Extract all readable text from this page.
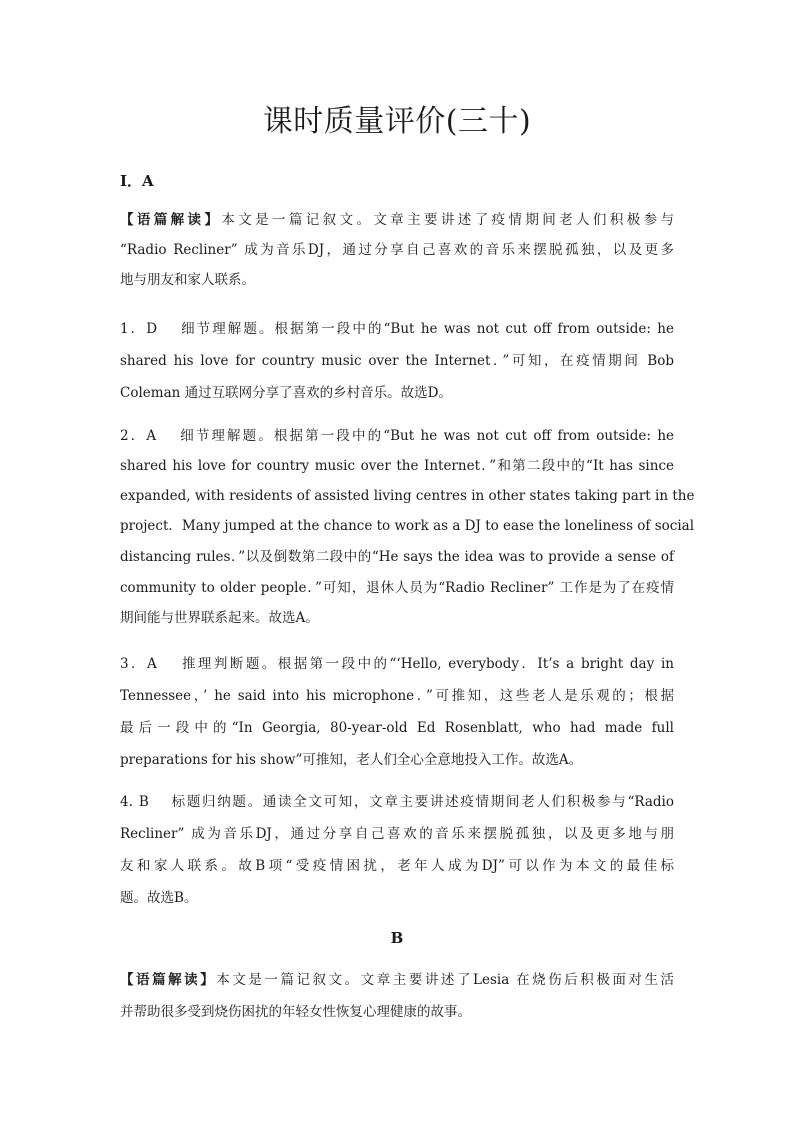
课时质量评价(三十)
Ⅰ．A
【语篇解读】本文是一篇记叙文。文章主要讲述了疫情期间老人们积极参与
“Radio Recliner” 成为音乐DJ，通过分享自己喜欢的音乐来摆脱孤独，以及更多
地与朋友和家人联系。
1．D　 细节理解题。根据第一段中的“But he was not cut off from outside: he
shared his love for country music over the Internet．”可知，在疫情期间 Bob
Coleman 通过互联网分享了喜欢的乡村音乐。故选D。
2．A　 细节理解题。根据第一段中的“But he was not cut off from outside: he
shared his love for country music over the Internet．”和第二段中的“It has since
expanded, with residents of assisted living centres in other states taking part in the
project．Many jumped at the chance to work as a DJ to ease the loneliness of social
distancing rules．”以及倒数第二段中的“He says the idea was to provide a sense of
community to older people．”可知，退休人员为“Radio Recliner” 工作是为了在疫情
期间能与世界联系起来。故选A。
3．A　 推理判断题。根据第一段中的“‘Hello, everybody．It’s a bright day in
Tennessee，’ he said into his microphone．”可推知，这些老人是乐观的；根据
最后一段中的“In Georgia, 80-year-old Ed Rosenblatt, who had made full
preparations for his show”可推知，老人们全心全意地投入工作。故选A。
4. B　 标题归纳题。通读全文可知，文章主要讲述疫情期间老人们积极参与“Radio
Recliner” 成为音乐DJ，通过分享自己喜欢的音乐来摆脱孤独，以及更多地与朋
友和家人联系。故B项“受疫情困扰，老年人成为DJ”可以作为本文的最佳标
题。故选B。
B
【语篇解读】本文是一篇记叙文。文章主要讲述了Lesia 在烧伤后积极面对生活
并帮助很多受到烧伤困扰的年轻女性恢复心理健康的故事。
